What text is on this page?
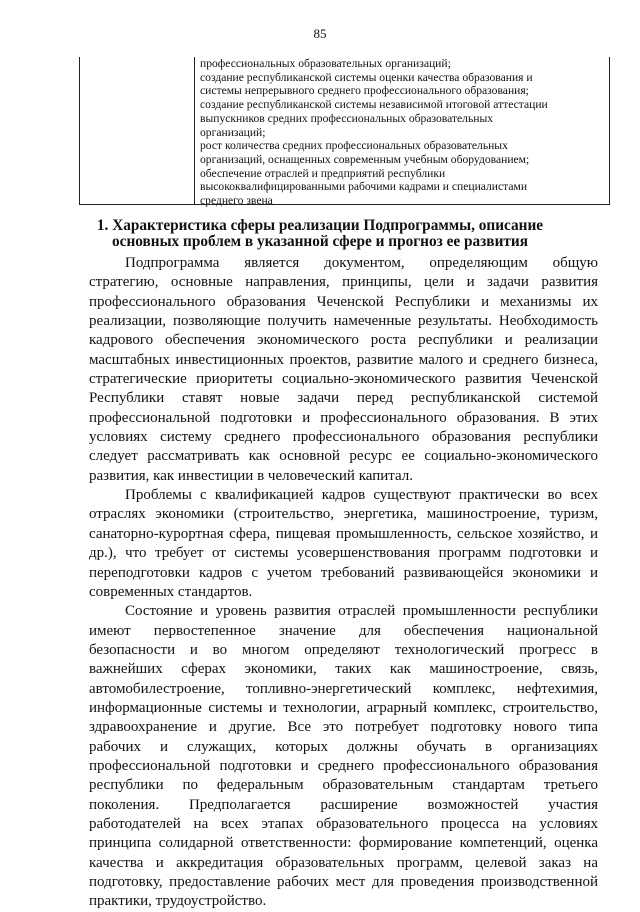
85
профессиональных образовательных организаций;
создание республиканской системы оценки качества образования и
системы непрерывного среднего профессионального образования;
создание республиканской системы независимой итоговой аттестации
выпускников средних профессиональных образовательных
организаций;
рост количества средних профессиональных образовательных
организаций, оснащенных современным учебным оборудованием;
обеспечение отраслей и предприятий республики
высококвалифицированными рабочими кадрами и специалистами
среднего звена
1. Характеристика сферы реализации Подпрограммы, описание
основных проблем в указанной сфере и прогноз ее развития
Подпрограмма является документом, определяющим общую
стратегию, основные направления, принципы, цели и задачи развития
профессионального образования Чеченской Республики и механизмы их
реализации, позволяющие получить намеченные результаты. Необходимость
кадрового обеспечения экономического роста республики и реализации
масштабных инвестиционных проектов, развитие малого и среднего бизнеса,
стратегические приоритеты социально-экономического развития Чеченской
Республики ставят новые задачи перед республиканской системой
профессиональной подготовки и профессионального образования. В этих
условиях систему среднего профессионального образования республики
следует рассматривать как основной ресурс ее социально-экономического
развития, как инвестиции в человеческий капитал.
Проблемы с квалификацией кадров существуют практически во всех
отраслях экономики (строительство, энергетика, машиностроение, туризм,
санаторно-курортная сфера, пищевая промышленность, сельское хозяйство, и
др.), что требует от системы усовершенствования программ подготовки и
переподготовки кадров с учетом требований развивающейся экономики и
современных стандартов.
Состояние и уровень развития отраслей промышленности республики
имеют первостепенное значение для обеспечения национальной
безопасности и во многом определяют технологический прогресс в
важнейших сферах экономики, таких как машиностроение, связь,
автомобилестроение, топливно-энергетический комплекс, нефтехимия,
информационные системы и технологии, аграрный комплекс, строительство,
здравоохранение и другие. Все это потребует подготовку нового типа
рабочих и служащих, которых должны обучать в организациях
профессиональной подготовки и среднего профессионального образования
республики по федеральным образовательным стандартам третьего
поколения. Предполагается расширение возможностей участия
работодателей на всех этапах образовательного процесса на условиях
принципа солидарной ответственности: формирование компетенций, оценка
качества и аккредитация образовательных программ, целевой заказ на
подготовку, предоставление рабочих мест для проведения производственной
практики, трудоустройство.
